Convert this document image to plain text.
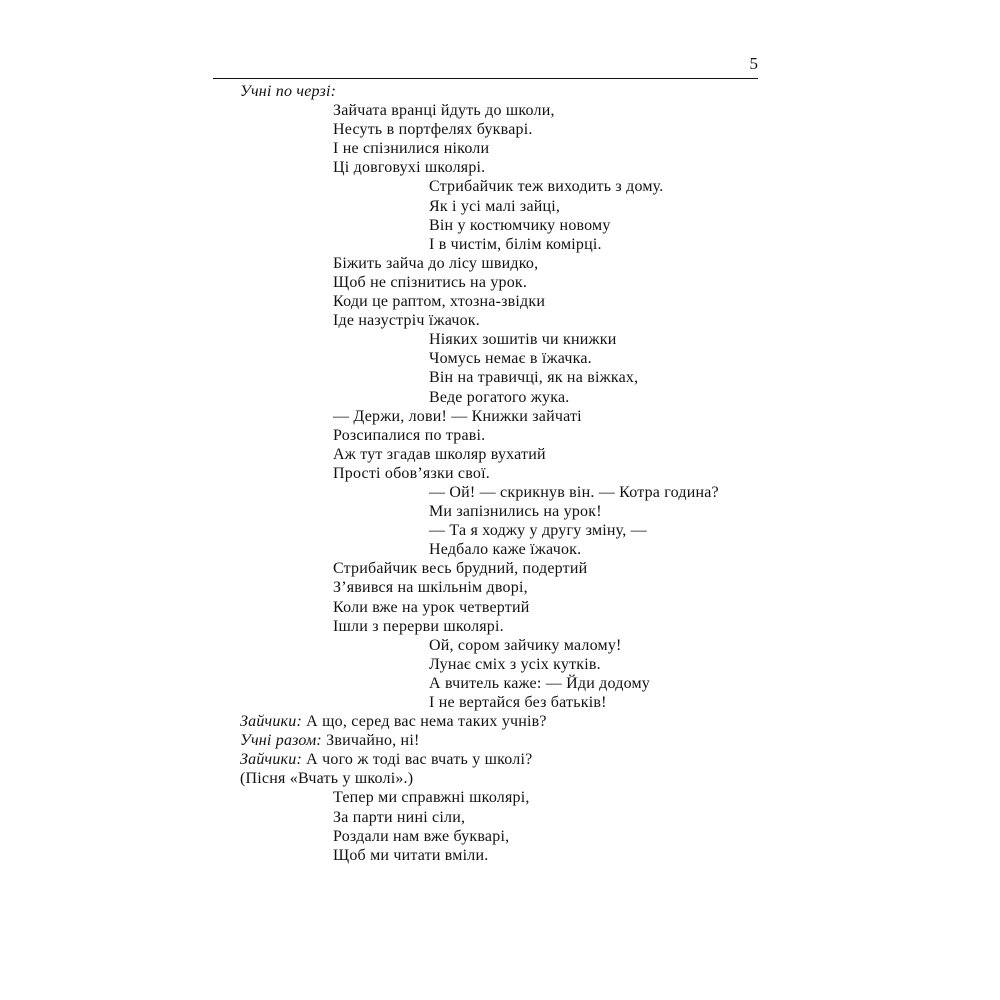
5
Учні по черзі:
Зайчата вранці йдуть до школи,
Несуть в портфелях букварі.
І не спізнилися ніколи
Ці довговухі школярі.
Стрибайчик теж виходить з дому.
Як і усі малі зайці,
Він у костюмчику новому
І в чистім, білім комірці.
Біжить зайча до лісу швидко,
Щоб не спізнитись на урок.
Коди це раптом, хтозна-звідки
Іде назустріч їжачок.
Ніяких зошитів чи книжки
Чомусь немає в їжачка.
Він на травичці, як на віжках,
Веде рогатого жука.
— Держи, лови! — Книжки зайчаті
Розсипалися по траві.
Аж тут згадав школяр вухатий
Прості обов’язки свої.
— Ой! — скрикнув він. — Котра година?
Ми запізнились на урок!
— Та я ходжу у другу зміну, —
Недбало каже їжачок.
Стрибайчик весь брудний, подертий
З’явився на шкільнім дворі,
Коли вже на урок четвертий
Ішли з перерви школярі.
Ой, сором зайчику малому!
Лунає сміх з усіх кутків.
А вчитель каже: — Йди додому
І не вертайся без батьків!
Зайчики: А що, серед вас нема таких учнів?
Учні разом: Звичайно, ні!
Зайчики: А чого ж тоді вас вчать у школі?
(Пісня «Вчать у школі».)
Тепер ми справжні школярі,
За парти нині сіли,
Роздали нам вже букварі,
Щоб ми читати вміли.
